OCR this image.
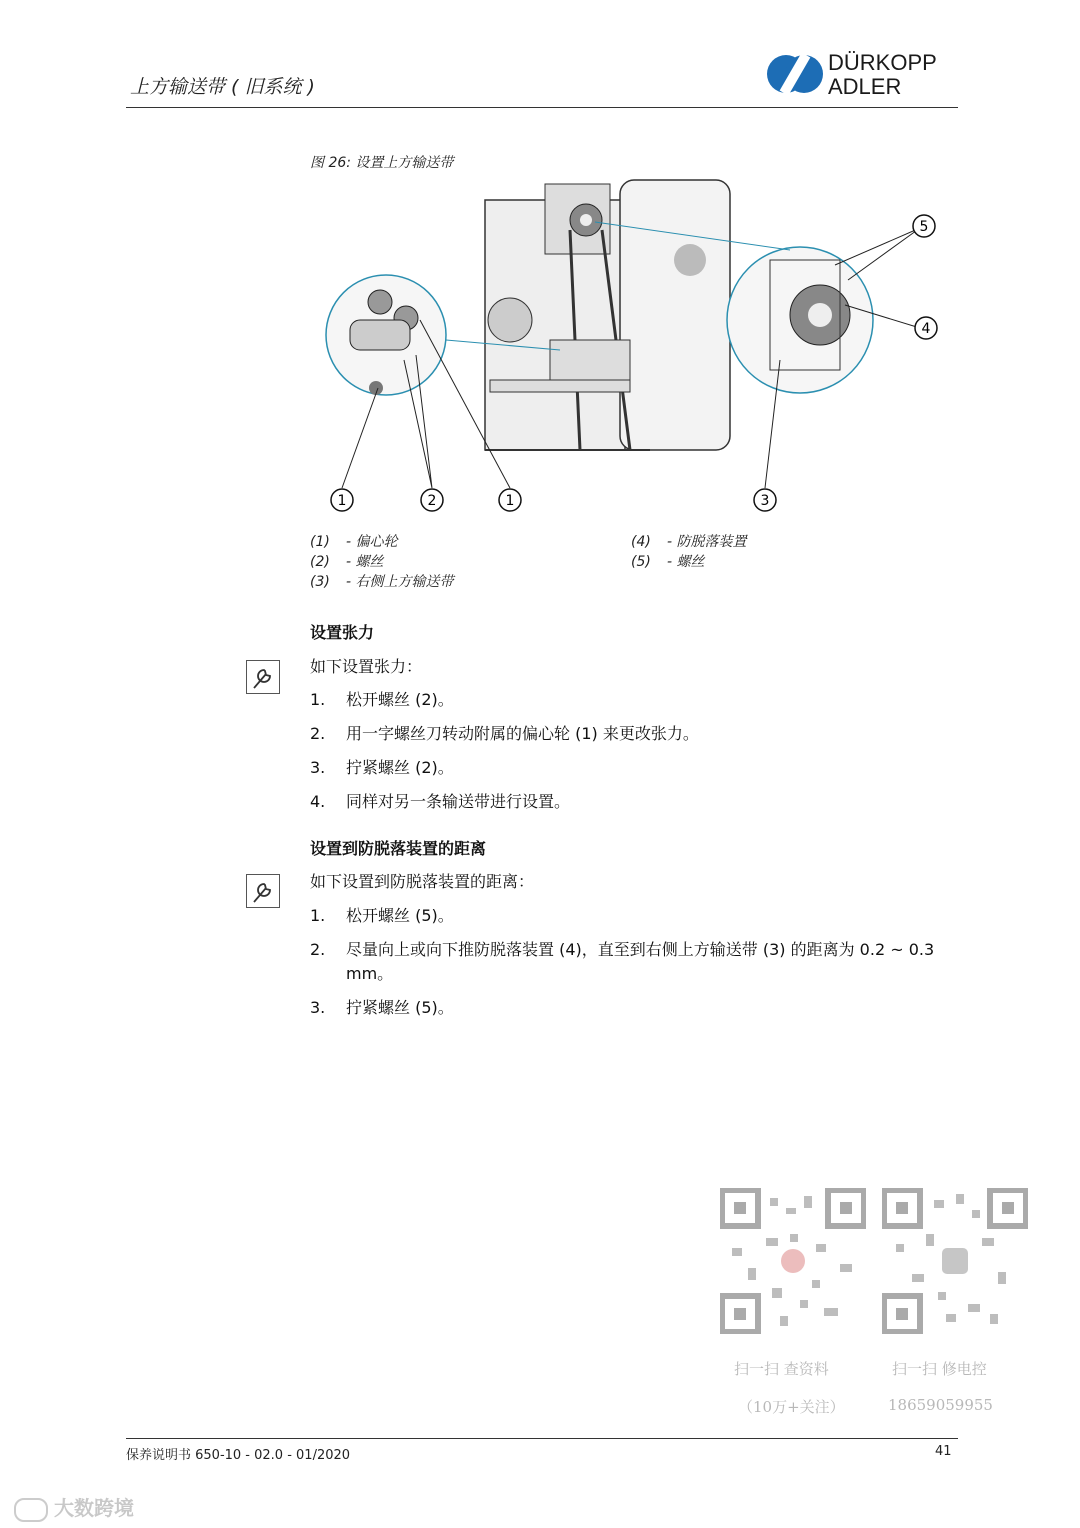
上方输送带 ( 旧系统 )
DÜRKOPP
ADLER
图 26: 设置上方输送带
1	2	1	3
4
5
(1) - 偏心轮
(2) - 螺丝
(3) - 右侧上方输送带
(4) - 防脱落装置
(5) - 螺丝
设置张力
如下设置张力：
1.	松开螺丝 (2)。
2.	用一字螺丝刀转动附属的偏心轮 (1) 来更改张力。
3.	拧紧螺丝 (2)。
4.	同样对另一条输送带进行设置。
设置到防脱落装置的距离
如下设置到防脱落装置的距离：
1.	松开螺丝 (5)。
2.	尽量向上或向下推防脱落装置 (4)，直至到右侧上方输送带 (3) 的距离为 0.2 ~ 0.3 mm。
3.	拧紧螺丝 (5)。
扫一扫 查资料
（10万+关注）
扫一扫 修电控
18659059955
保养说明书 650-10 - 02.0 - 01/2020	41
大数跨境
